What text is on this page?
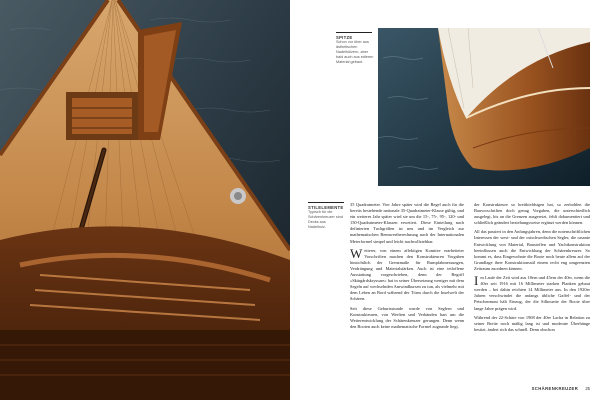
SPITZE
Schon vor über aus ästhetischen Nadelhölzern, aber bald auch aus edleren Material gebaut.
STILELEMENTE
Typisch für die Schärenkreuzer sind Decks aus Nadelholz.

35 Quadratmeter. Vier Jahre später wird die Regel auch für die bereits bestehende nationale 35-Quadratmeter-Klasse gültig, und ein weiteres Jahr später wird sie um die 15-, 75-, 95-, 120- und 150-Quadratmeter-Klassen erweitert. Diese Einteilung nach definierten Tuchgrößen ist neu und im Vergleich zur mathematischen Rennwertberechnung nach der Internationalen Meterformel simpel und leicht nachvollziehbar.

Weiterer, von einem affektigen Komitee erarbeiteter Vorschriften machen den Konstrukteuren Vorgaben hinsichtlich der Grenzmaße für Rumpfabmessungen, Verdrängung und Materialstärken. Auch ist eine teiloffene Ausstattung vorgeschrieben, denn der Begriff »Skärgårdskryssare« hat in seiner Übersetzung weniger mit dem Segeln auf wechselnden Amwindkursen zu tun, als vielmehr mit dem Leben an Bord während der Törns durch die Inselwelt der Schären.

Seit diese Geburtsstunde wurde von Seglern und Konstrukteuren, von Werften und Verbänden hart um die Weiterentwicklung der Schärenkreuzer gerungen. Denn wenn den Booten auch keine mathematische Formel zugrunde liegt,

der Konstrukteure so breitkieldsigen hat, so zerbohlen die Bauvorschriften doch genug Vorgaben, die unterschiedlich ausgelegt, bis an die Grenzen ausgereizt, fehlt dokumentiert und schließlich geändert beziehungsweise ergänzt werden können.

All das passiert in den Anfangsjahren, denn die notenschriftlichen Interessen der west- und der ostschwedischen Segler, die rasante Entwicklung von Material, Baustoffen und Yachtkonstruktion beeinflussen auch die Entwicklung der Schärenkreuzer. So kommt es, dass Eingewohnte die Boote noch heute allem auf der Grundlage ihrer Konstruktionsstil einem recht eng umgrenzten Zeitraum zuordnen können.

Im Laufe der Zeit wird aus 18ern und 45ern der 40er, wenn die 40er seit 1916 mit 16 Millimeter starken Planken gebaut werden – bei dahin reichten 14 Millimeter aus. In den 1920er Jahren verschwindet die anfangs übliche Gaffel- und der Petschenmast hält Einzug, der die Silhouette der Boote über lange Jahre prägen wird.

Während der 22-Schäre von 1908 der 40er Lacha in Relation zu seiner Breite noch mäßig lang ist und moderate Überhänge besitzt, ändert sich das schnell. Denn obschon

SCHÄRENKREUZER 25
